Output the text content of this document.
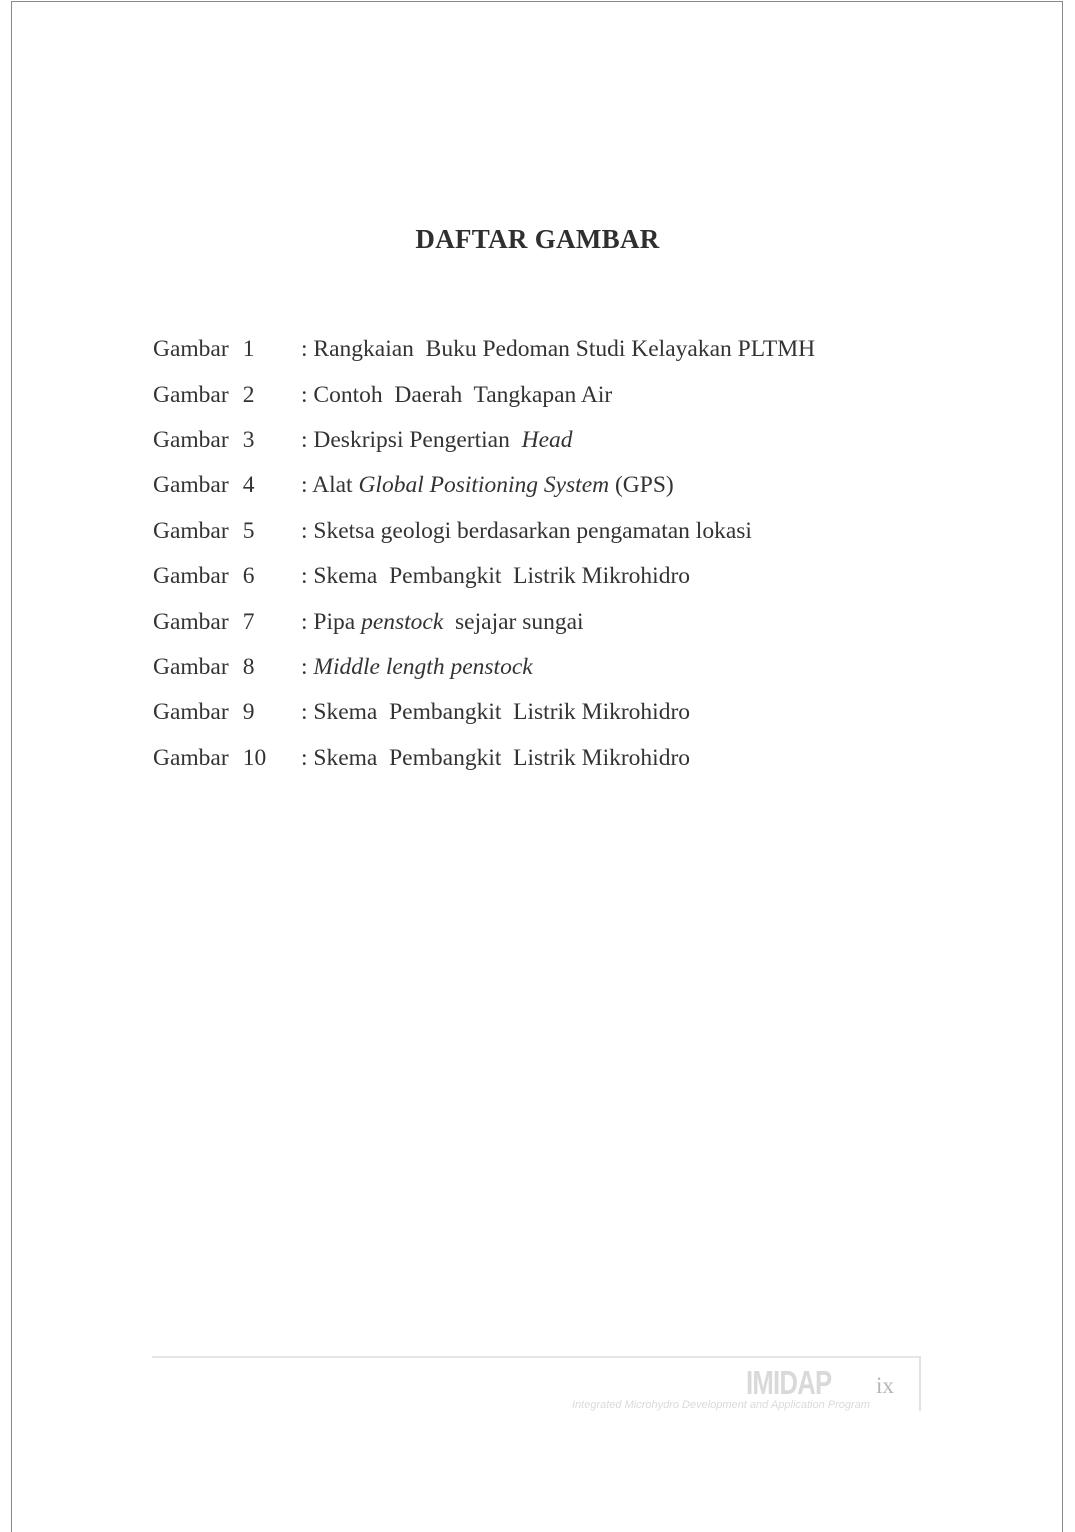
DAFTAR GAMBAR
Gambar 1 : Rangkaian  Buku Pedoman Studi Kelayakan PLTMH
Gambar 2 : Contoh  Daerah  Tangkapan Air
Gambar 3 : Deskripsi Pengertian  Head
Gambar 4 : Alat Global Positioning System (GPS)
Gambar 5 : Sketsa geologi berdasarkan pengamatan lokasi
Gambar 6 : Skema  Pembangkit  Listrik Mikrohidro
Gambar 7 : Pipa penstock  sejajar sungai
Gambar 8 : Middle length penstock
Gambar 9 : Skema  Pembangkit  Listrik Mikrohidro
Gambar 10 : Skema  Pembangkit  Listrik Mikrohidro
IMIDAP
Integrated Microhydro Development and Application Program
ix
